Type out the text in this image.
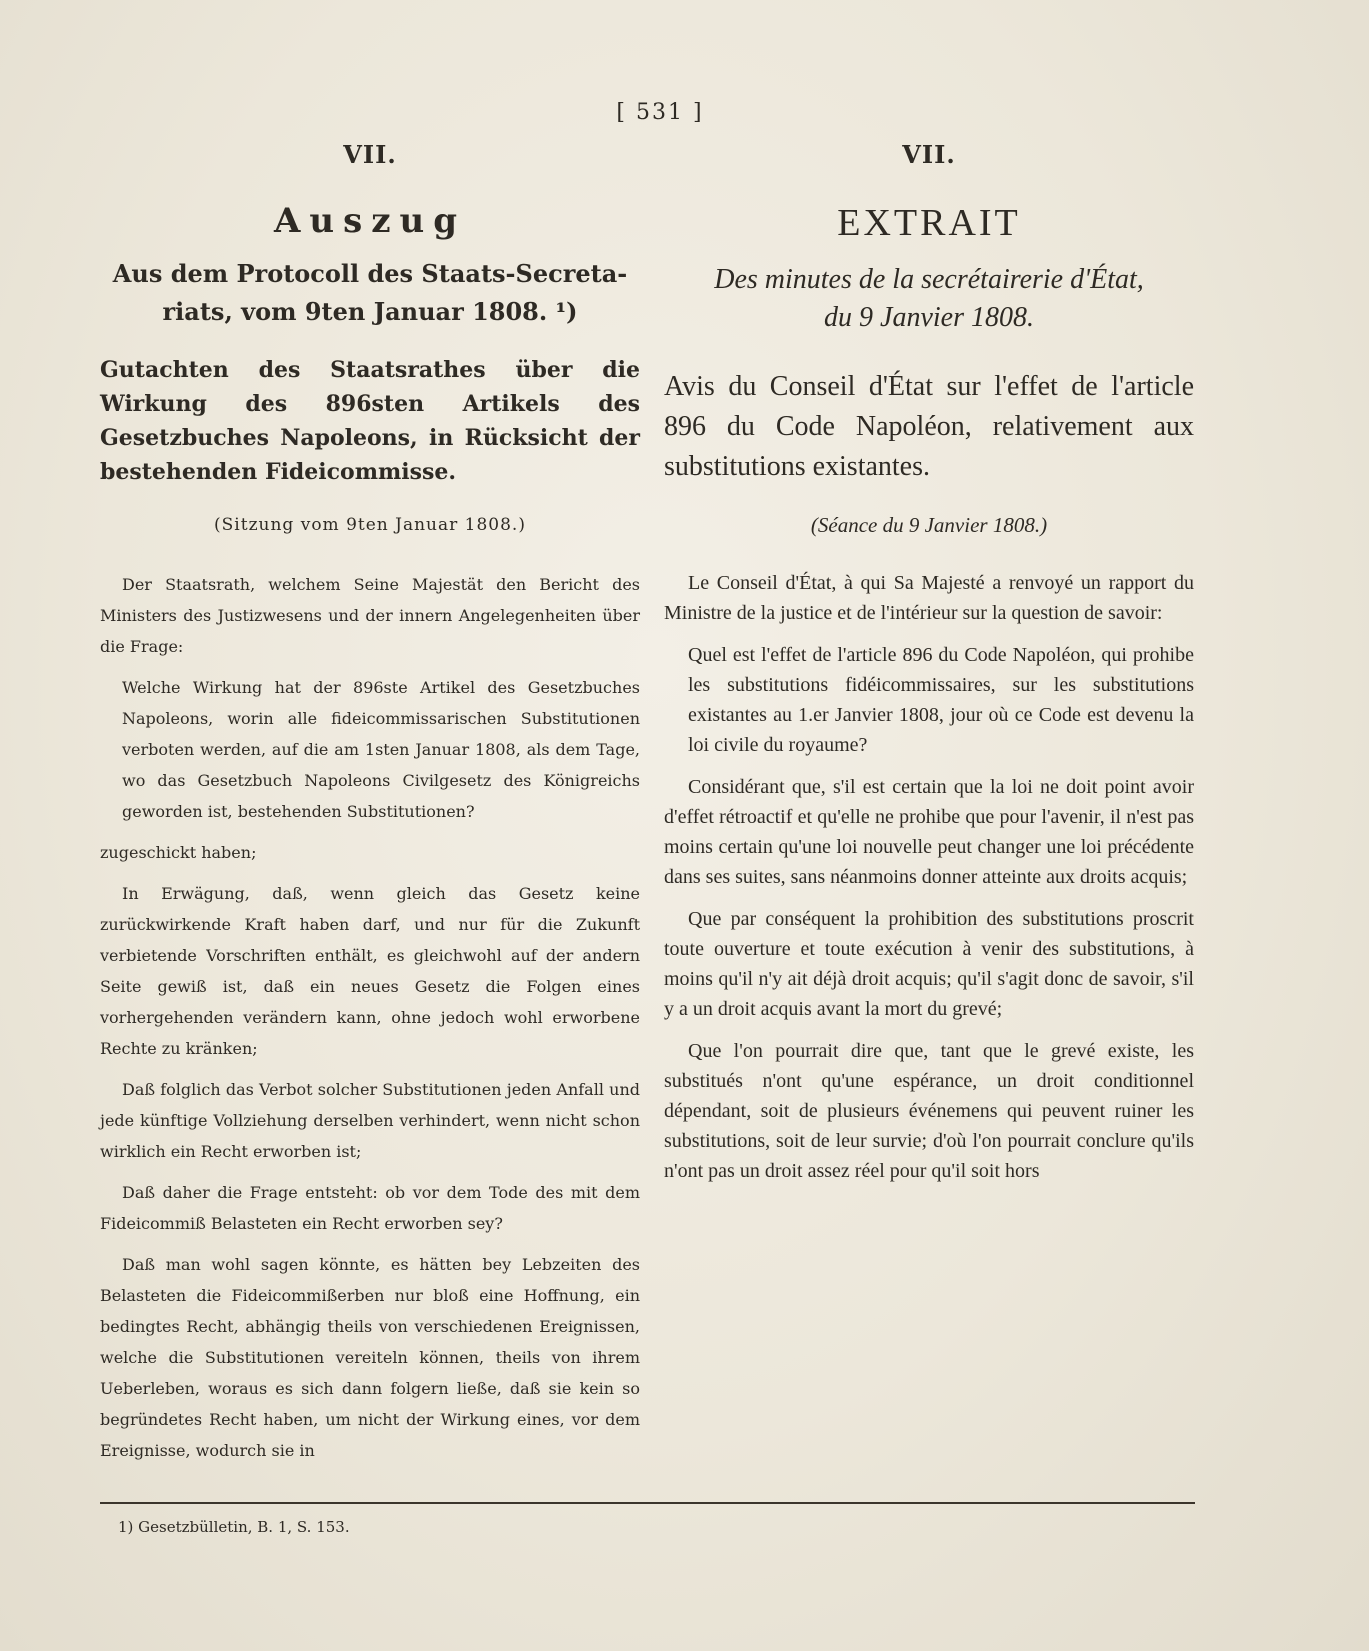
[ 531 ]
VII.
Auszug
Aus dem Protocoll des Staats-Secreta-
riats, vom 9ten Januar 1808. ¹)
Gutachten des Staatsrathes über die Wirkung des 896sten Artikels des Gesetzbuches Napoleons, in Rücksicht der bestehenden Fideicommisse.
(Sitzung vom 9ten Januar 1808.)

Der Staatsrath, welchem Seine Majestät den Bericht des Ministers des Justizwesens und der innern Angelegenheiten über die Frage:

Welche Wirkung hat der 896ste Artikel des Gesetzbuches Napoleons, worin alle fideicommissarischen Substitutionen verboten werden, auf die am 1sten Januar 1808, als dem Tage, wo das Gesetzbuch Napoleons Civilgesetz des Königreichs geworden ist, bestehenden Substitutionen?

zugeschickt haben;

In Erwägung, daß, wenn gleich das Gesetz keine zurückwirkende Kraft haben darf, und nur für die Zukunft verbietende Vorschriften enthält, es gleichwohl auf der andern Seite gewiß ist, daß ein neues Gesetz die Folgen eines vorhergehenden verändern kann, ohne jedoch wohl erworbene Rechte zu kränken;

Daß folglich das Verbot solcher Substitutionen jeden Anfall und jede künftige Vollziehung derselben verhindert, wenn nicht schon wirklich ein Recht erworben ist;

Daß daher die Frage entsteht: ob vor dem Tode des mit dem Fideicommiß Belasteten ein Recht erworben sey?

Daß man wohl sagen könnte, es hätten bey Lebzeiten des Belasteten die Fideicommißerben nur bloß eine Hoffnung, ein bedingtes Recht, abhängig theils von verschiedenen Ereignissen, welche die Substitutionen vereiteln können, theils von ihrem Ueberleben, woraus es sich dann folgern ließe, daß sie kein so begründetes Recht haben, um nicht der Wirkung eines, vor dem Ereignisse, wodurch sie in

VII.
EXTRAIT
Des minutes de la secrétairerie d'État,
du 9 Janvier 1808.
Avis du Conseil d'État sur l'effet de l'article 896 du Code Napoléon, relativement aux substitutions existantes.
(Séance du 9 Janvier 1808.)

Le Conseil d'État, à qui Sa Majesté a renvoyé un rapport du Ministre de la justice et de l'intérieur sur la question de savoir:

Quel est l'effet de l'article 896 du Code Napoléon, qui prohibe les substitutions fidéicommissaires, sur les substitutions existantes au 1.er Janvier 1808, jour où ce Code est devenu la loi civile du royaume?

Considérant que, s'il est certain que la loi ne doit point avoir d'effet rétroactif et qu'elle ne prohibe que pour l'avenir, il n'est pas moins certain qu'une loi nouvelle peut changer une loi précédente dans ses suites, sans néanmoins donner atteinte aux droits acquis;

Que par conséquent la prohibition des substitutions proscrit toute ouverture et toute exécution à venir des substitutions, à moins qu'il n'y ait déjà droit acquis; qu'il s'agit donc de savoir, s'il y a un droit acquis avant la mort du grevé;

Que l'on pourrait dire que, tant que le grevé existe, les substitués n'ont qu'une espérance, un droit conditionnel dépendant, soit de plusieurs événemens qui peuvent ruiner les substitutions, soit de leur survie; d'où l'on pourrait conclure qu'ils n'ont pas un droit assez réel pour qu'il soit hors

1) Gesetzbülletin, B. 1, S. 153.
